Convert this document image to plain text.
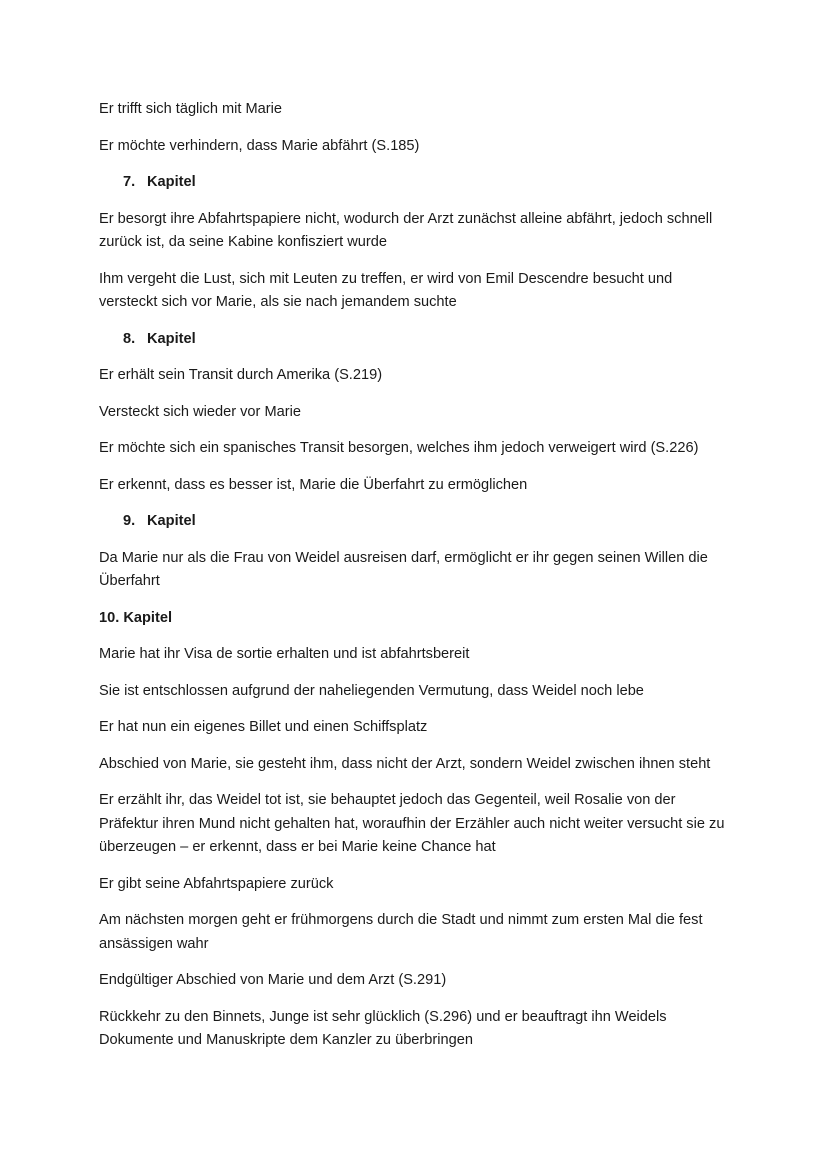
Er trifft sich täglich mit Marie

Er möchte verhindern, dass Marie abfährt (S.185)

7. Kapitel

Er besorgt ihre Abfahrtspapiere nicht, wodurch der Arzt zunächst alleine abfährt, jedoch schnell zurück ist, da seine Kabine konfisziert wurde

Ihm vergeht die Lust, sich mit Leuten zu treffen, er wird von Emil Descendre besucht und versteckt sich vor Marie, als sie nach jemandem suchte

8. Kapitel

Er erhält sein Transit durch Amerika (S.219)

Versteckt sich wieder vor Marie

Er möchte sich ein spanisches Transit besorgen, welches ihm jedoch verweigert wird (S.226)

Er erkennt, dass es besser ist, Marie die Überfahrt zu ermöglichen

9. Kapitel

Da Marie nur als die Frau von Weidel ausreisen darf, ermöglicht er ihr gegen seinen Willen die Überfahrt

10. Kapitel

Marie hat ihr Visa de sortie erhalten und ist abfahrtsbereit

Sie ist entschlossen aufgrund der naheliegenden Vermutung, dass Weidel noch lebe

Er hat nun ein eigenes Billet und einen Schiffsplatz

Abschied von Marie, sie gesteht ihm, dass nicht der Arzt, sondern Weidel zwischen ihnen steht

Er erzählt ihr, das Weidel tot ist, sie behauptet jedoch das Gegenteil, weil Rosalie von der Präfektur ihren Mund nicht gehalten hat, woraufhin der Erzähler auch nicht weiter versucht sie zu überzeugen – er erkennt, dass er bei Marie keine Chance hat

Er gibt seine Abfahrtspapiere zurück

Am nächsten morgen geht er frühmorgens durch die Stadt und nimmt zum ersten Mal die fest ansässigen wahr

Endgültiger Abschied von Marie und dem Arzt (S.291)

Rückkehr zu den Binnets, Junge ist sehr glücklich (S.296) und er beauftragt ihn Weidels Dokumente und Manuskripte dem Kanzler zu überbringen
